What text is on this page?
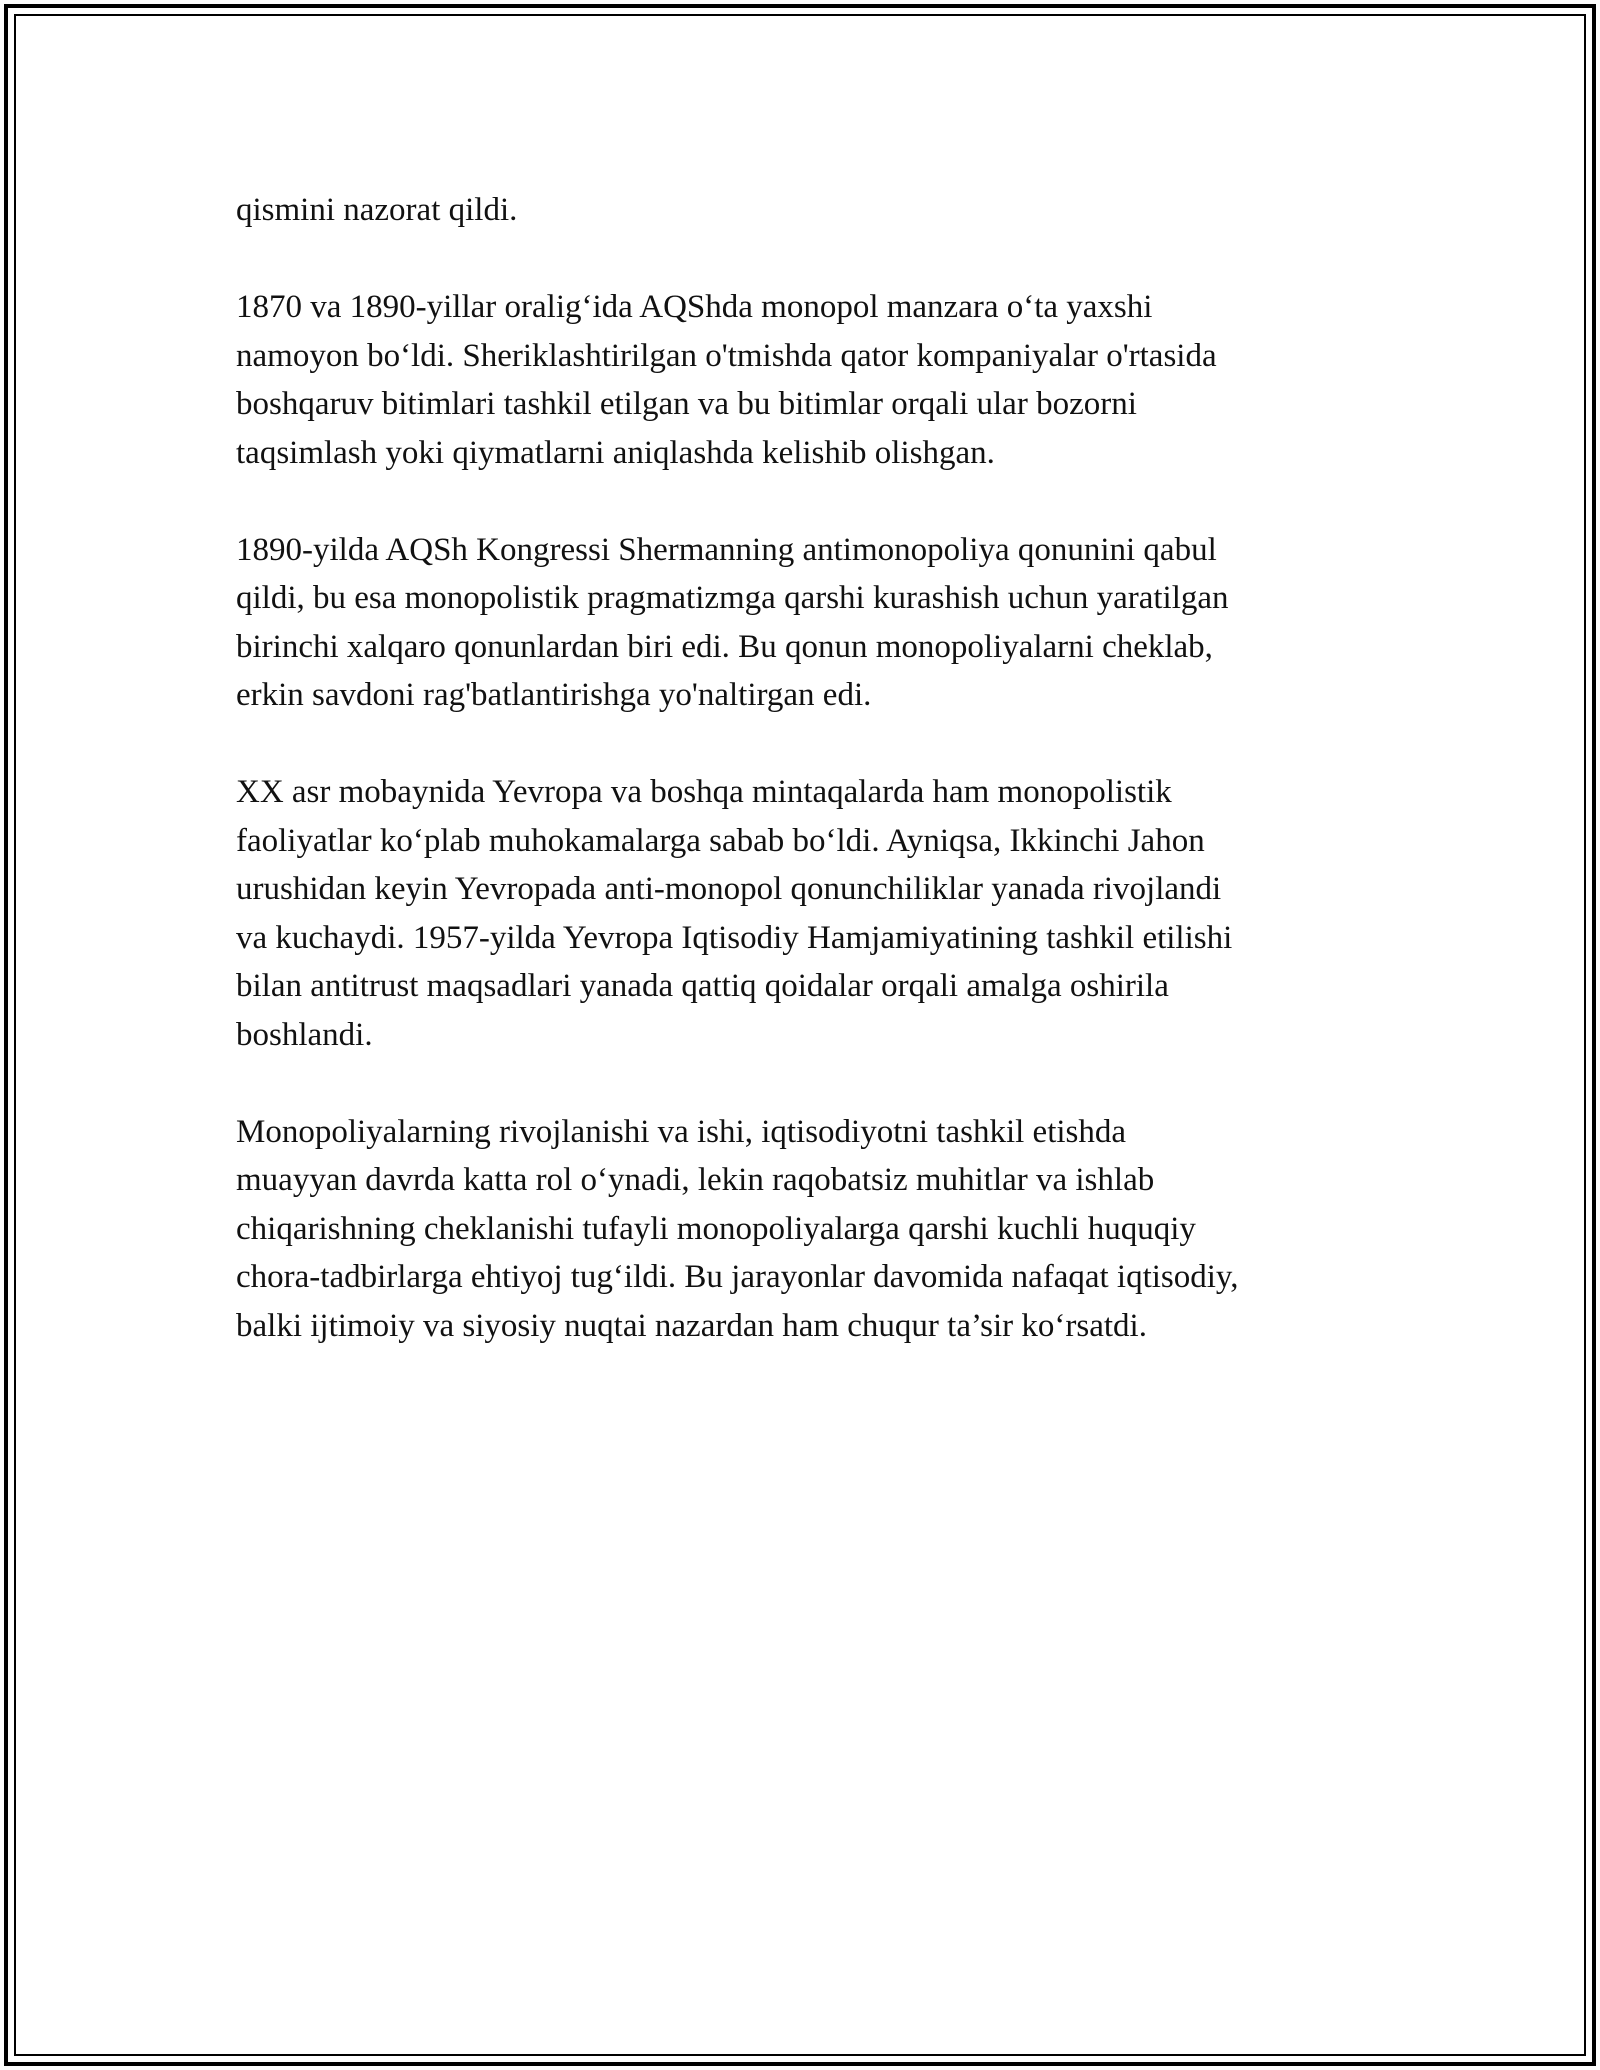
qismini nazorat qildi.

1870 va 1890-yillar oralig‘ida AQShda monopol manzara o‘ta yaxshi
namoyon bo‘ldi. Sheriklashtirilgan o'tmishda qator kompaniyalar o'rtasida
boshqaruv bitimlari tashkil etilgan va bu bitimlar orqali ular bozorni
taqsimlash yoki qiymatlarni aniqlashda kelishib olishgan.

1890-yilda AQSh Kongressi Shermanning antimonopoliya qonunini qabul
qildi, bu esa monopolistik pragmatizmga qarshi kurashish uchun yaratilgan
birinchi xalqaro qonunlardan biri edi. Bu qonun monopoliyalarni cheklab,
erkin savdoni rag'batlantirishga yo'naltirgan edi.

XX asr mobaynida Yevropa va boshqa mintaqalarda ham monopolistik
faoliyatlar ko‘plab muhokamalarga sabab bo‘ldi. Ayniqsa, Ikkinchi Jahon
urushidan keyin Yevropada anti-monopol qonunchiliklar yanada rivojlandi
va kuchaydi. 1957-yilda Yevropa Iqtisodiy Hamjamiyatining tashkil etilishi
bilan antitrust maqsadlari yanada qattiq qoidalar orqali amalga oshirila
boshlandi.

Monopoliyalarning rivojlanishi va ishi, iqtisodiyotni tashkil etishda
muayyan davrda katta rol o‘ynadi, lekin raqobatsiz muhitlar va ishlab
chiqarishning cheklanishi tufayli monopoliyalarga qarshi kuchli huquqiy
chora-tadbirlarga ehtiyoj tug‘ildi. Bu jarayonlar davomida nafaqat iqtisodiy,
balki ijtimoiy va siyosiy nuqtai nazardan ham chuqur ta’sir ko‘rsatdi.
